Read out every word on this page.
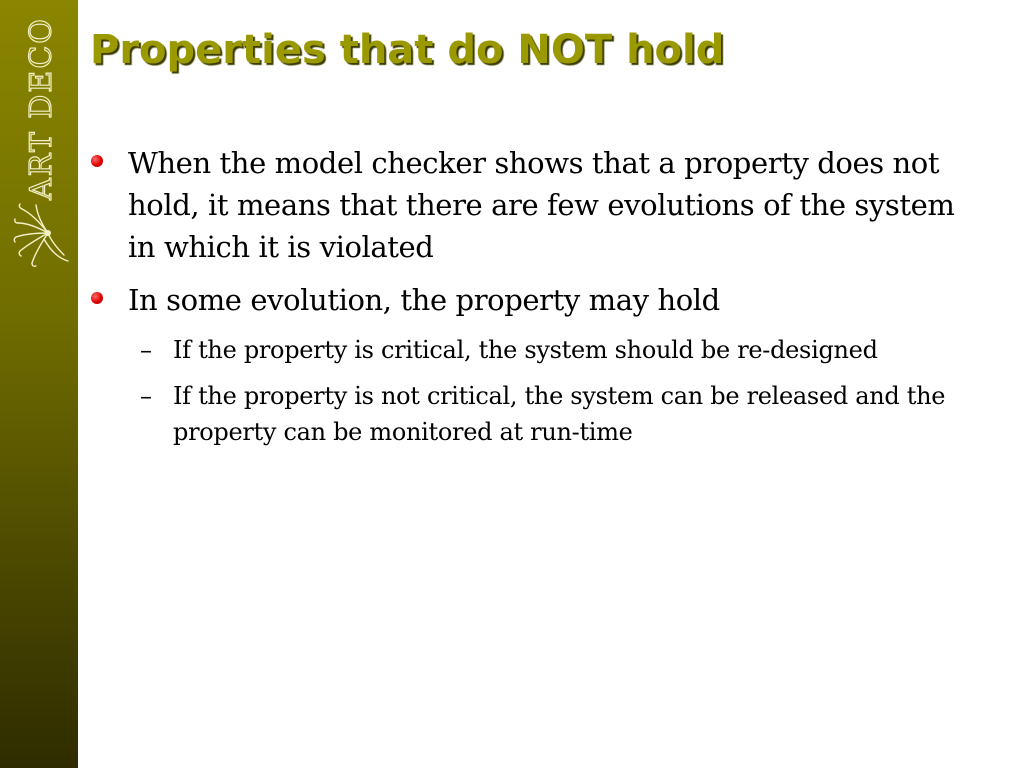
ART DECO Properties that do NOT hold
When the model checker shows that a property does not hold, it means that there are few evolutions of the system in which it is violated
In some evolution, the property may hold
– If the property is critical, the system should be re-designed
– If the property is not critical, the system can be released and the property can be monitored at run-time
